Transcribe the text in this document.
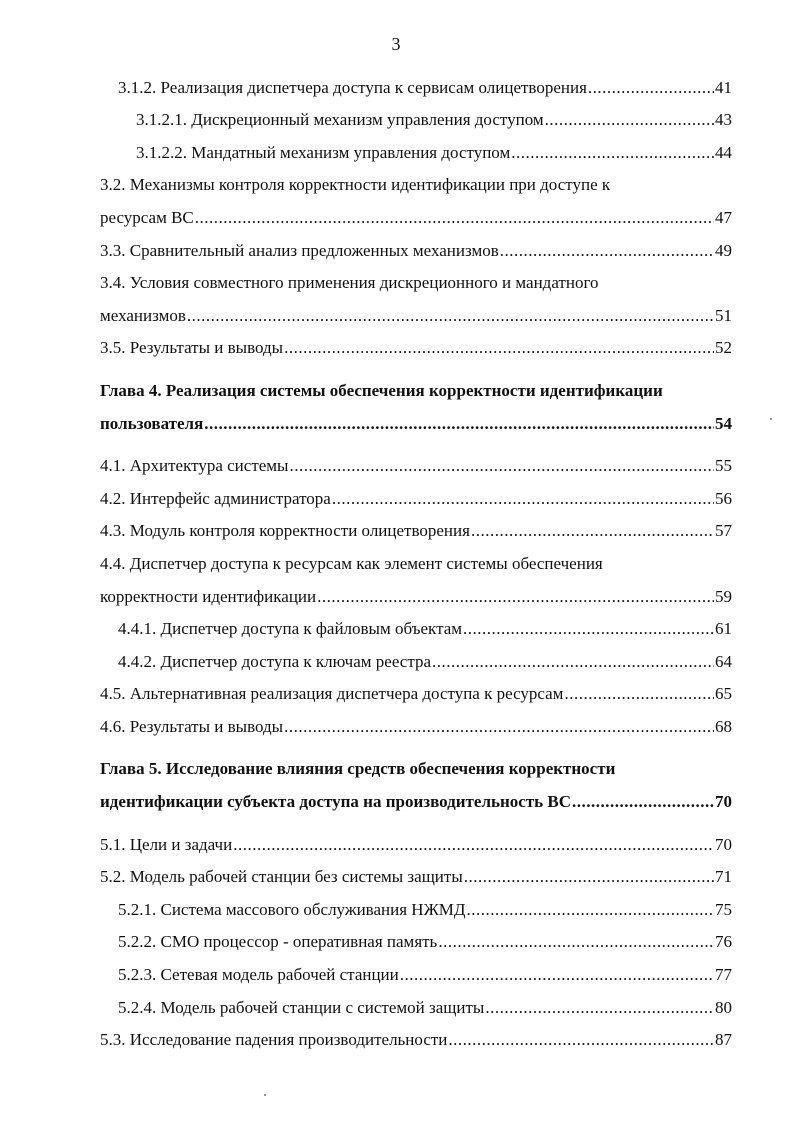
3
3.1.2. Реализация диспетчера доступа к сервисам олицетворения .....	41
3.1.2.1. Дискреционный механизм управления доступом .....	43
3.1.2.2. Мандатный механизм управления доступом .....	44
3.2. Механизмы контроля корректности идентификации при доступе к
ресурсам ВС .....	47
3.3. Сравнительный анализ предложенных механизмов .....	49
3.4. Условия совместного применения дискреционного и мандатного
механизмов .....	51
3.5. Результаты и выводы .....	52
Глава 4. Реализация системы обеспечения корректности идентификации
пользователя .....	54
4.1. Архитектура системы .....	55
4.2. Интерфейс администратора .....	56
4.3. Модуль контроля корректности олицетворения .....	57
4.4. Диспетчер доступа к ресурсам как элемент системы обеспечения
корректности идентификации .....	59
4.4.1. Диспетчер доступа к файловым объектам .....	61
4.4.2. Диспетчер доступа к ключам реестра .....	64
4.5. Альтернативная реализация диспетчера доступа к ресурсам .....	65
4.6. Результаты и выводы .....	68
Глава 5. Исследование влияния средств обеспечения корректности
идентификации субъекта доступа на производительность ВС .....	70
5.1. Цели и задачи .....	70
5.2. Модель рабочей станции без системы защиты .....	71
5.2.1. Система массового обслуживания НЖМД .....	75
5.2.2. СМО процессор - оперативная память .....	76
5.2.3. Сетевая модель рабочей станции .....	77
5.2.4. Модель рабочей станции с системой защиты .....	80
5.3. Исследование падения производительности .....	87
